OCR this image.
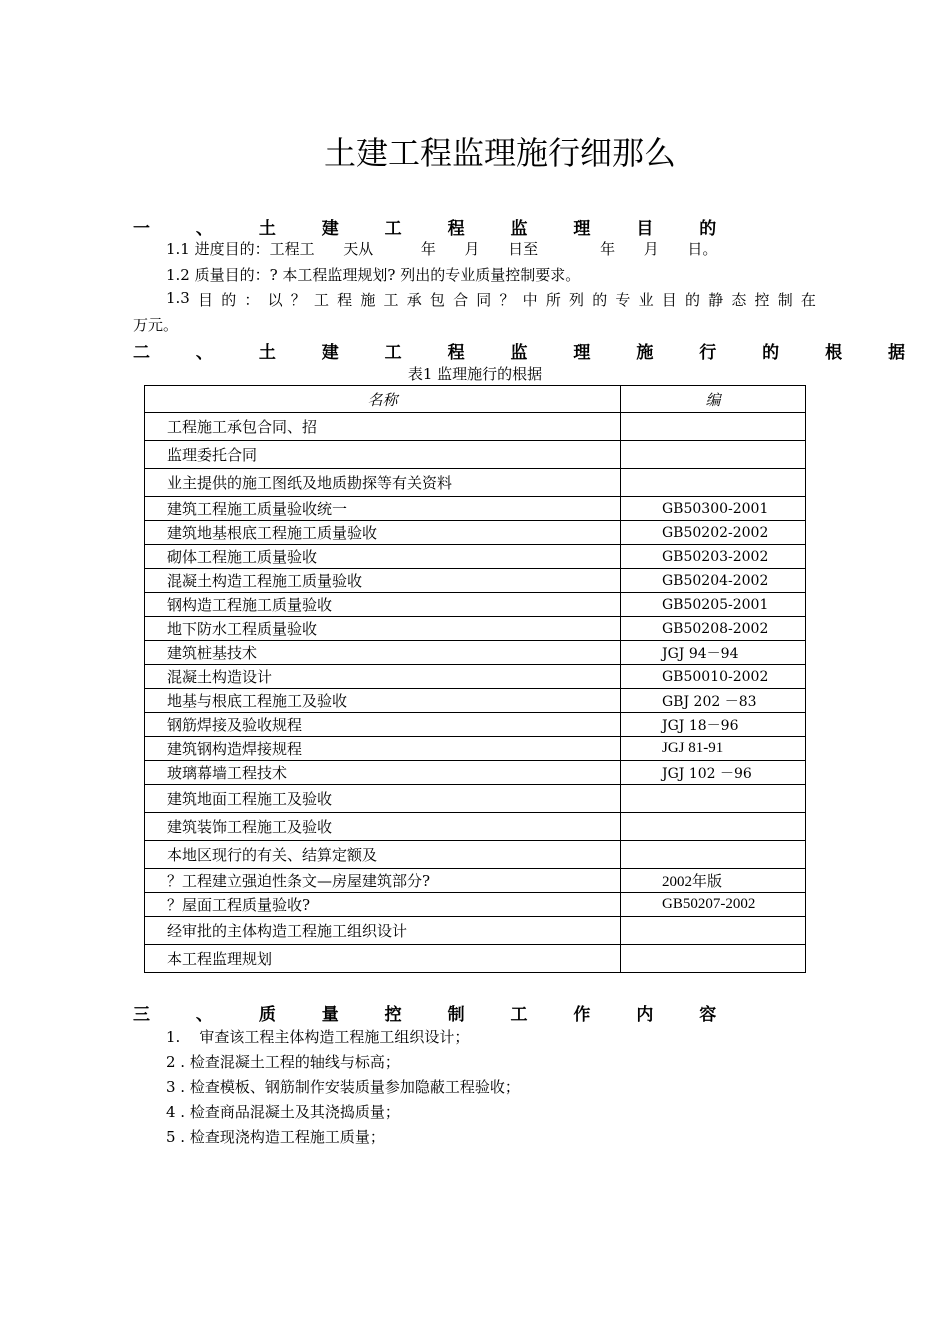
土建工程监理施行细那么
一 、 土 建 工 程 监 理 目 的
1.1 进度目的：工程工      天从          年      月      日至             年      月      日。
1.2 质量目的：? 本工程监理规划? 列出的专业质量控制要求。
1.3 目 的 ： 以 ？ 工 程 施 工 承 包 合 同 ？ 中 所 列 的 专 业 目 的 静 态 控 制 在
万元。
二 、 土 建 工 程 监 理 施 行 的 根 据
表1 监理施行的根据
名称	编
工程施工承包合同、招	
监理委托合同	
业主提供的施工图纸及地质勘探等有关资料	
建筑工程施工质量验收统一	GB50300-2001
建筑地基根底工程施工质量验收	GB50202-2002
砌体工程施工质量验收	GB50203-2002
混凝土构造工程施工质量验收	GB50204-2002
钢构造工程施工质量验收	GB50205-2001
地下防水工程质量验收	GB50208-2002
建筑桩基技术	JGJ 94－94
混凝土构造设计	GB50010-2002
地基与根底工程施工及验收	GBJ 202 －83
钢筋焊接及验收规程	JGJ 18－96
建筑钢构造焊接规程	JGJ 81-91
玻璃幕墙工程技术	JGJ 102 －96
建筑地面工程施工及验收	
建筑装饰工程施工及验收	
本地区现行的有关、结算定额及	
？工程建立强迫性条文—房屋建筑部分?	2002年版
？屋面工程质量验收?	GB50207-2002
经审批的主体构造工程施工组织设计	
本工程监理规划	
三 、 质 量 控 制 工 作 内 容
1.    审查该工程主体构造工程施工组织设计；
2 . 检查混凝土工程的轴线与标高；
3 . 检查模板、钢筋制作安装质量参加隐蔽工程验收；
4 . 检查商品混凝土及其浇捣质量；
5 . 检查现浇构造工程施工质量；
